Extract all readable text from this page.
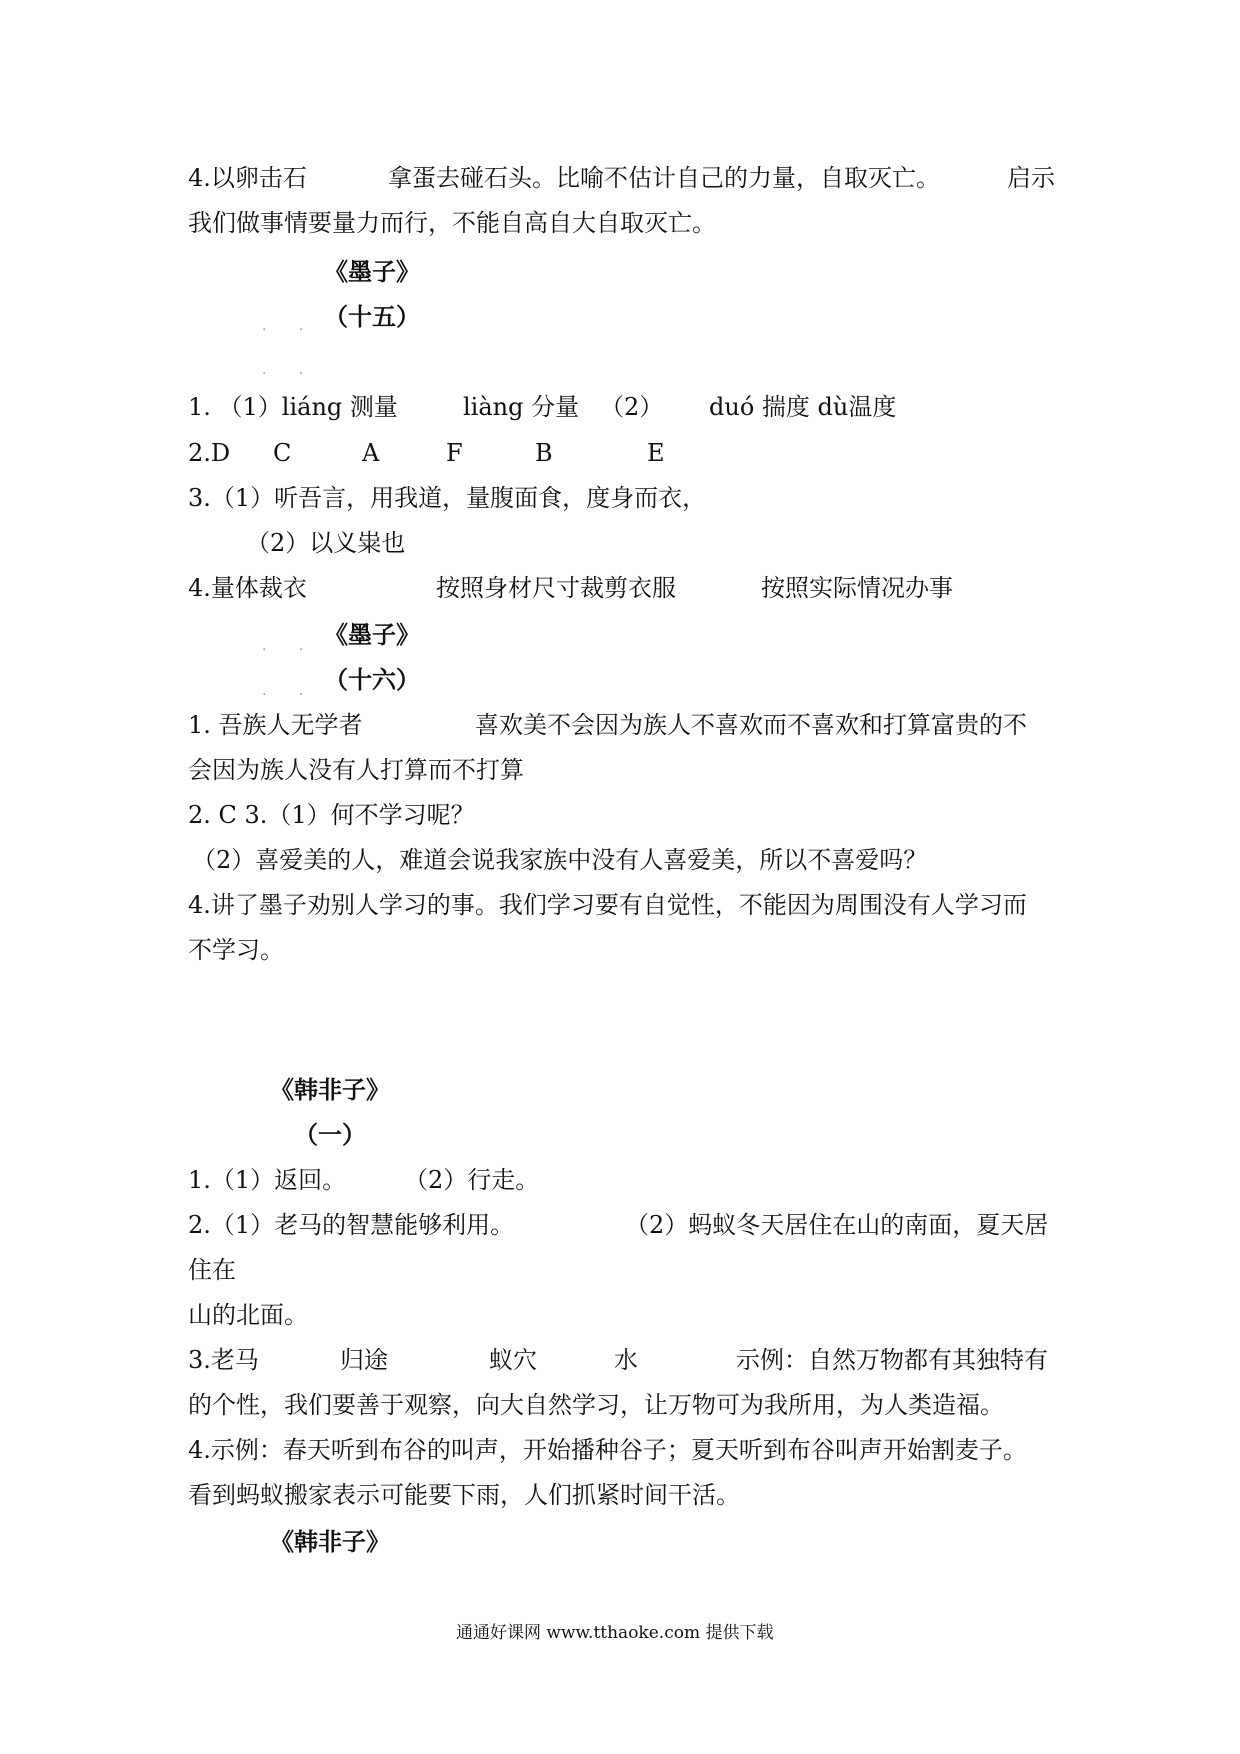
4.以卵击石	拿蛋去碰石头。比喻不估计自己的力量，自取灭亡。	启示
我们做事情要量力而行，不能自高自大自取灭亡。
《墨子》
. . （十五）
. .
1. （1）liáng 测量	liàng 分量 （2） duó 揣度 dù温度
2.D C	A	F	B	E
3.（1）听吾言，用我道，量腹面食，度身而衣，
（2）以义粜也
4.量体裁衣	按照身材尺寸裁剪衣服	按照实际情况办事
. . 《墨子》
. . （十六）
1. 吾族人无学者	喜欢美不会因为族人不喜欢而不喜欢和打算富贵的不
会因为族人没有人打算而不打算
2. C 3.（1）何不学习呢？
（2）喜爱美的人，难道会说我家族中没有人喜爱美，所以不喜爱吗？
4.讲了墨子劝别人学习的事。我们学习要有自觉性，不能因为周围没有人学习而
不学习。
《韩非子》
（一）
1.（1）返回。 （2）行走。
2.（1）老马的智慧能够利用。	（2）蚂蚁冬天居住在山的南面，夏天居
住在
山的北面。
3.老马	归途	蚁穴	水	示例：自然万物都有其独特有
的个性，我们要善于观察，向大自然学习，让万物可为我所用，为人类造福。
4.示例：春天听到布谷的叫声，开始播种谷子；夏天听到布谷叫声开始割麦子。
看到蚂蚁搬家表示可能要下雨，人们抓紧时间干活。
《韩非子》
通通好课网 www.tthaoke.com 提供下载
